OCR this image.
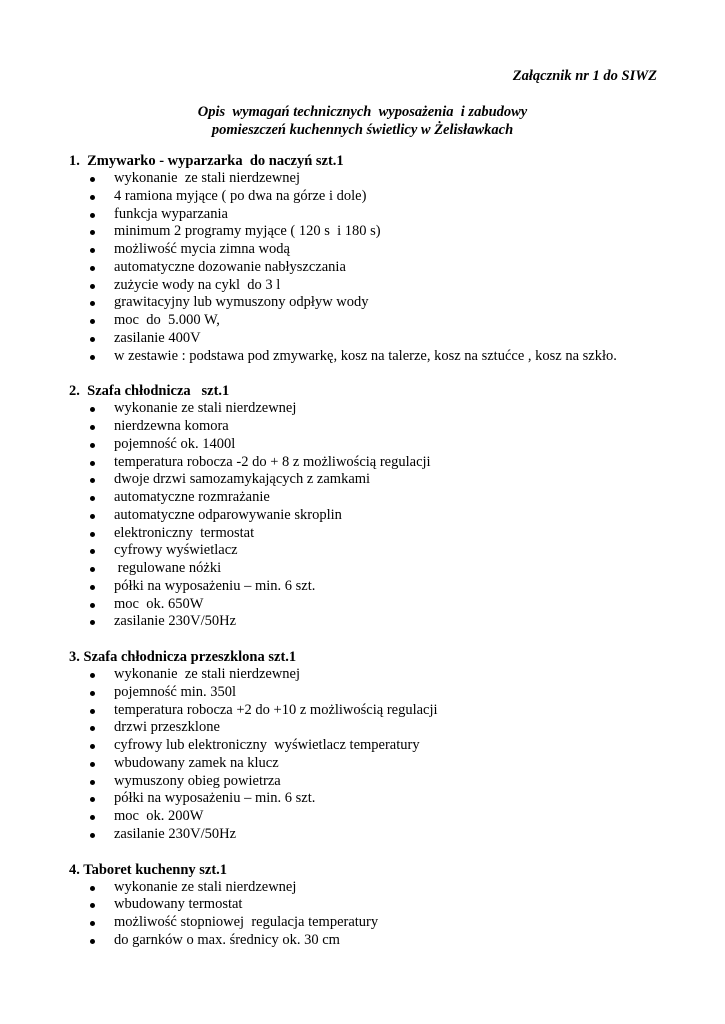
Załącznik nr 1 do SIWZ
Opis  wymagań technicznych  wyposażenia  i zabudowy
pomieszczeń kuchennych świetlicy w Żelisławkach
1.  Zmywarko - wyparzarka  do naczyń szt.1
wykonanie  ze stali nierdzewnej
4 ramiona myjące ( po dwa na górze i dole)
funkcja wyparzania
minimum 2 programy myjące ( 120 s  i 180 s)
możliwość mycia zimna wodą
automatyczne dozowanie nabłyszczania
zużycie wody na cykl  do 3 l
grawitacyjny lub wymuszony odpływ wody
moc  do  5.000 W,
zasilanie 400V
w zestawie : podstawa pod zmywarkę, kosz na talerze, kosz na sztućce , kosz na szkło.
2.  Szafa chłodnicza   szt.1
wykonanie ze stali nierdzewnej
nierdzewna komora
pojemność ok. 1400l
temperatura robocza -2 do + 8 z możliwością regulacji
dwoje drzwi samozamykających z zamkami
automatyczne rozmrażanie
automatyczne odparowywanie skroplin
elektroniczny  termostat
cyfrowy wyświetlacz
regulowane nóżki
półki na wyposażeniu – min. 6 szt.
moc  ok. 650W
zasilanie 230V/50Hz
3. Szafa chłodnicza przeszklona szt.1
wykonanie  ze stali nierdzewnej
pojemność min. 350l
temperatura robocza +2 do +10 z możliwością regulacji
drzwi przeszklone
cyfrowy lub elektroniczny  wyświetlacz temperatury
wbudowany zamek na klucz
wymuszony obieg powietrza
półki na wyposażeniu – min. 6 szt.
moc  ok. 200W
zasilanie 230V/50Hz
4. Taboret kuchenny szt.1
wykonanie ze stali nierdzewnej
wbudowany termostat
możliwość stopniowej  regulacja temperatury
do garnków o max. średnicy ok. 30 cm
